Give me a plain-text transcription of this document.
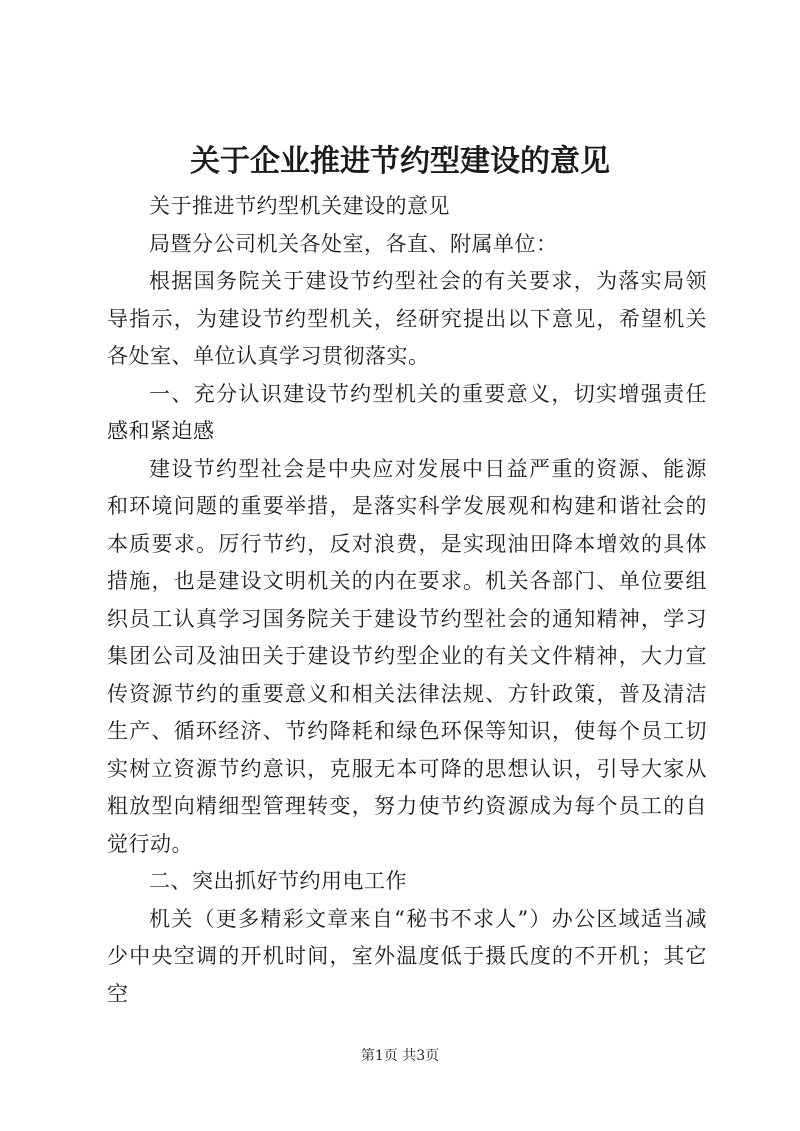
关于企业推进节约型建设的意见

关于推进节约型机关建设的意见

局暨分公司机关各处室，各直、附属单位：

根据国务院关于建设节约型社会的有关要求，为落实局领导指示，为建设节约型机关，经研究提出以下意见，希望机关各处室、单位认真学习贯彻落实。

一、充分认识建设节约型机关的重要意义，切实增强责任感和紧迫感

建设节约型社会是中央应对发展中日益严重的资源、能源和环境问题的重要举措，是落实科学发展观和构建和谐社会的本质要求。厉行节约，反对浪费，是实现油田降本增效的具体措施，也是建设文明机关的内在要求。机关各部门、单位要组织员工认真学习国务院关于建设节约型社会的通知精神，学习集团公司及油田关于建设节约型企业的有关文件精神，大力宣传资源节约的重要意义和相关法律法规、方针政策，普及清洁生产、循环经济、节约降耗和绿色环保等知识，使每个员工切实树立资源节约意识，克服无本可降的思想认识，引导大家从粗放型向精细型管理转变，努力使节约资源成为每个员工的自觉行动。

二、突出抓好节约用电工作

机关（更多精彩文章来自“秘书不求人”）办公区域适当减少中央空调的开机时间，室外温度低于摄氏度的不开机；其它空

第1页 共3页
